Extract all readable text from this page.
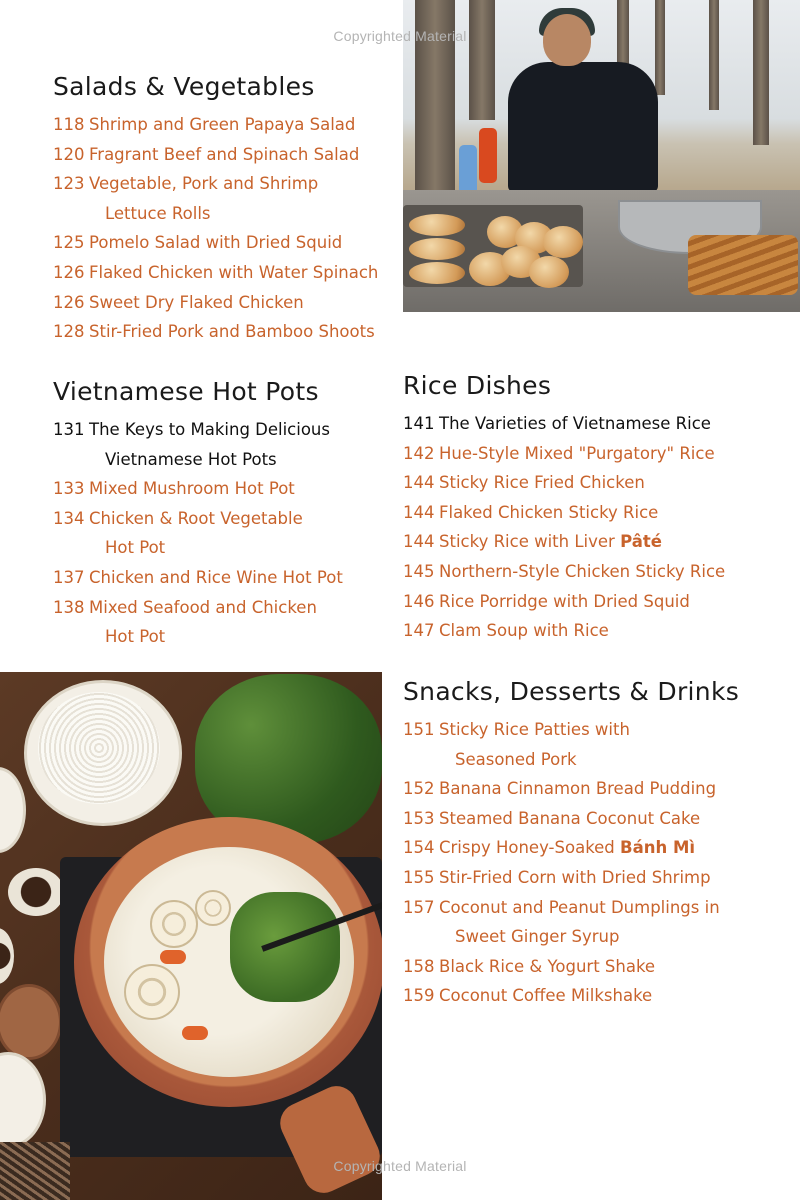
Copyrighted Material
Salads & Vegetables
118 Shrimp and Green Papaya Salad
120 Fragrant Beef and Spinach Salad
123 Vegetable, Pork and Shrimp
Lettuce Rolls
125 Pomelo Salad with Dried Squid
126 Flaked Chicken with Water Spinach
126 Sweet Dry Flaked Chicken
128 Stir-Fried Pork and Bamboo Shoots
Vietnamese Hot Pots
131 The Keys to Making Delicious
Vietnamese Hot Pots
133 Mixed Mushroom Hot Pot
134 Chicken & Root Vegetable
Hot Pot
137 Chicken and Rice Wine Hot Pot
138 Mixed Seafood and Chicken
Hot Pot
Rice Dishes
141 The Varieties of Vietnamese Rice
142 Hue-Style Mixed "Purgatory" Rice
144 Sticky Rice Fried Chicken
144 Flaked Chicken Sticky Rice
144 Sticky Rice with Liver Pâté
145 Northern-Style Chicken Sticky Rice
146 Rice Porridge with Dried Squid
147 Clam Soup with Rice
Snacks, Desserts & Drinks
151 Sticky Rice Patties with
Seasoned Pork
152 Banana Cinnamon Bread Pudding
153 Steamed Banana Coconut Cake
154 Crispy Honey-Soaked Bánh Mì
155 Stir-Fried Corn with Dried Shrimp
157 Coconut and Peanut Dumplings in
Sweet Ginger Syrup
158 Black Rice & Yogurt Shake
159 Coconut Coffee Milkshake
Copyrighted Material
